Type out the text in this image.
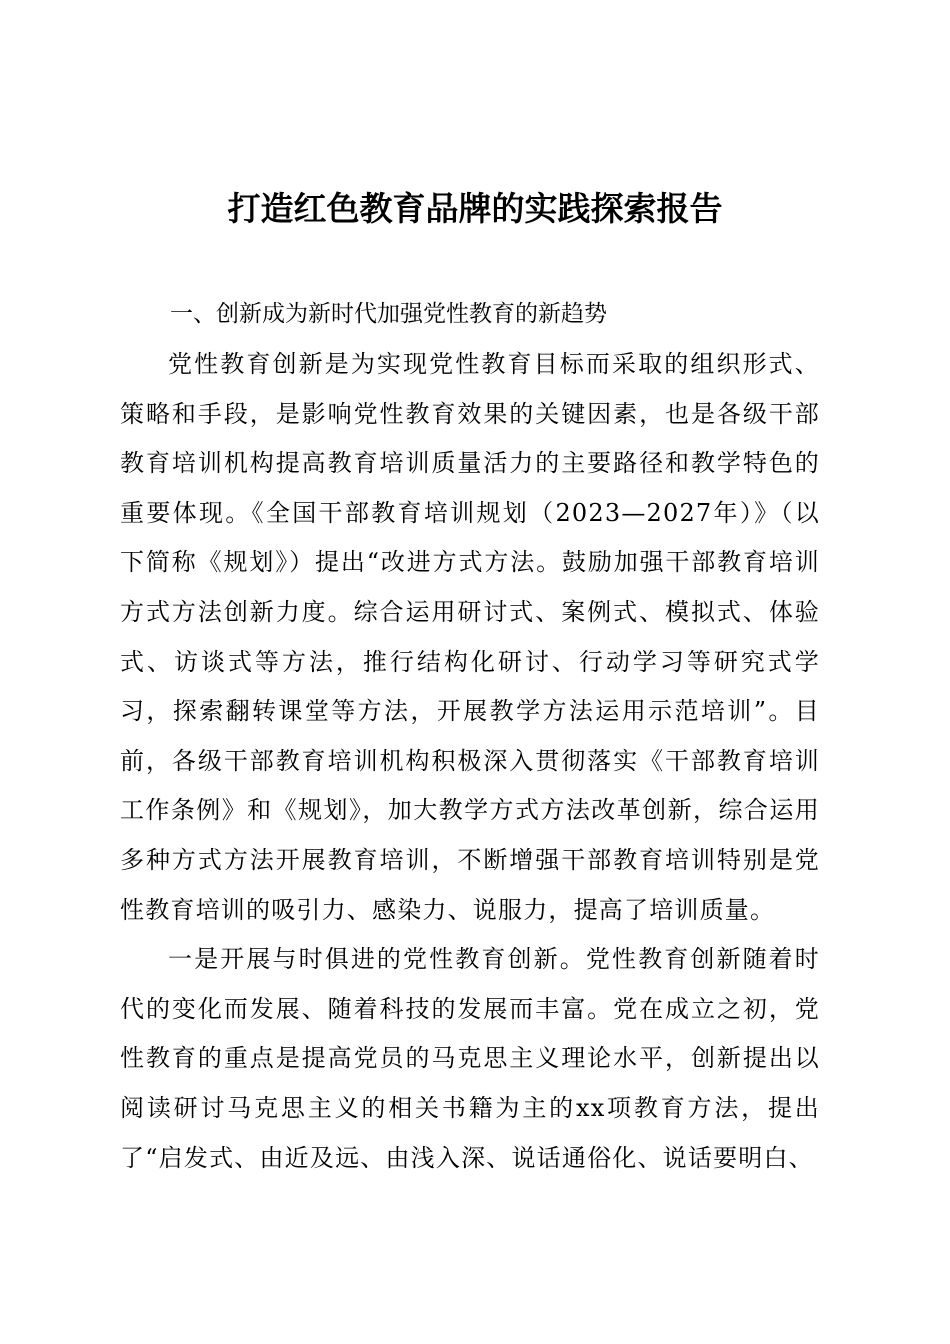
打造红色教育品牌的实践探索报告
一、创新成为新时代加强党性教育的新趋势

党性教育创新是为实现党性教育目标而采取的组织形式、策略和手段，是影响党性教育效果的关键因素，也是各级干部教育培训机构提高教育培训质量活力的主要路径和教学特色的重要体现。《全国干部教育培训规划（2023—2027年）》（以下简称《规划》）提出“改进方式方法。鼓励加强干部教育培训方式方法创新力度。综合运用研讨式、案例式、模拟式、体验式、访谈式等方法，推行结构化研讨、行动学习等研究式学习，探索翻转课堂等方法，开展教学方法运用示范培训”。目前，各级干部教育培训机构积极深入贯彻落实《干部教育培训工作条例》和《规划》，加大教学方式方法改革创新，综合运用多种方式方法开展教育培训，不断增强干部教育培训特别是党性教育培训的吸引力、感染力、说服力，提高了培训质量。

一是开展与时俱进的党性教育创新。党性教育创新随着时代的变化而发展、随着科技的发展而丰富。党在成立之初，党性教育的重点是提高党员的马克思主义理论水平，创新提出以阅读研讨马克思主义的相关书籍为主的xx项教育方法，提出了“启发式、由近及远、由浅入深、说话通俗化、说话要明白、
